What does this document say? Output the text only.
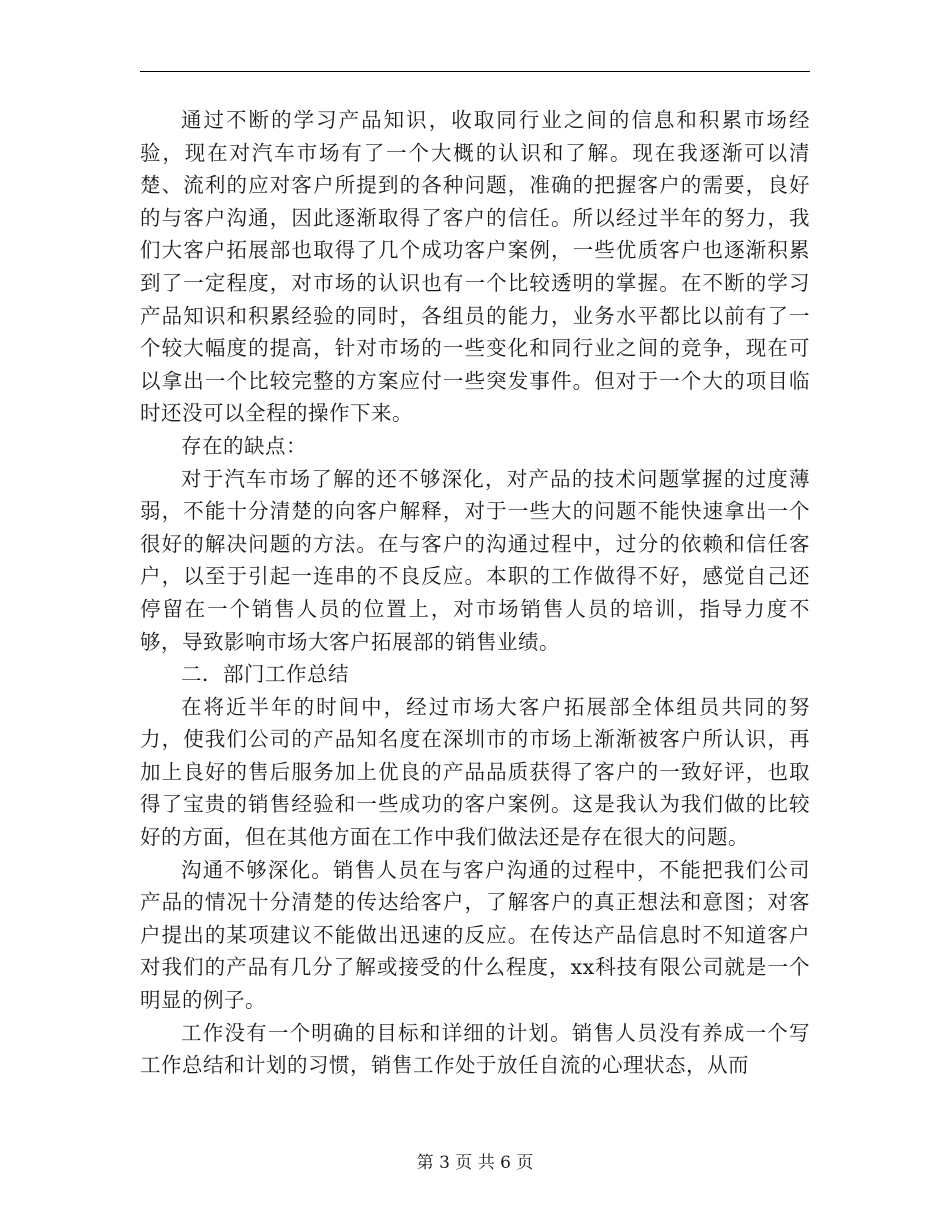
通过不断的学习产品知识，收取同行业之间的信息和积累市场经验，现在对汽车市场有了一个大概的认识和了解。现在我逐渐可以清楚、流利的应对客户所提到的各种问题，准确的把握客户的需要，良好的与客户沟通，因此逐渐取得了客户的信任。所以经过半年的努力，我们大客户拓展部也取得了几个成功客户案例，一些优质客户也逐渐积累到了一定程度，对市场的认识也有一个比较透明的掌握。在不断的学习产品知识和积累经验的同时，各组员的能力，业务水平都比以前有了一个较大幅度的提高，针对市场的一些变化和同行业之间的竞争，现在可以拿出一个比较完整的方案应付一些突发事件。但对于一个大的项目临时还没可以全程的操作下来。

存在的缺点：

对于汽车市场了解的还不够深化，对产品的技术问题掌握的过度薄弱，不能十分清楚的向客户解释，对于一些大的问题不能快速拿出一个很好的解决问题的方法。在与客户的沟通过程中，过分的依赖和信任客户，以至于引起一连串的不良反应。本职的工作做得不好，感觉自己还停留在一个销售人员的位置上，对市场销售人员的培训，指导力度不够，导致影响市场大客户拓展部的销售业绩。

二．部门工作总结

在将近半年的时间中，经过市场大客户拓展部全体组员共同的努力，使我们公司的产品知名度在深圳市的市场上渐渐被客户所认识，再加上良好的售后服务加上优良的产品品质获得了客户的一致好评，也取得了宝贵的销售经验和一些成功的客户案例。这是我认为我们做的比较好的方面，但在其他方面在工作中我们做法还是存在很大的问题。

沟通不够深化。销售人员在与客户沟通的过程中，不能把我们公司产品的情况十分清楚的传达给客户，了解客户的真正想法和意图；对客户提出的某项建议不能做出迅速的反应。在传达产品信息时不知道客户对我们的产品有几分了解或接受的什么程度，xx科技有限公司就是一个明显的例子。

工作没有一个明确的目标和详细的计划。销售人员没有养成一个写工作总结和计划的习惯，销售工作处于放任自流的心理状态，从而

第 3 页 共 6 页
